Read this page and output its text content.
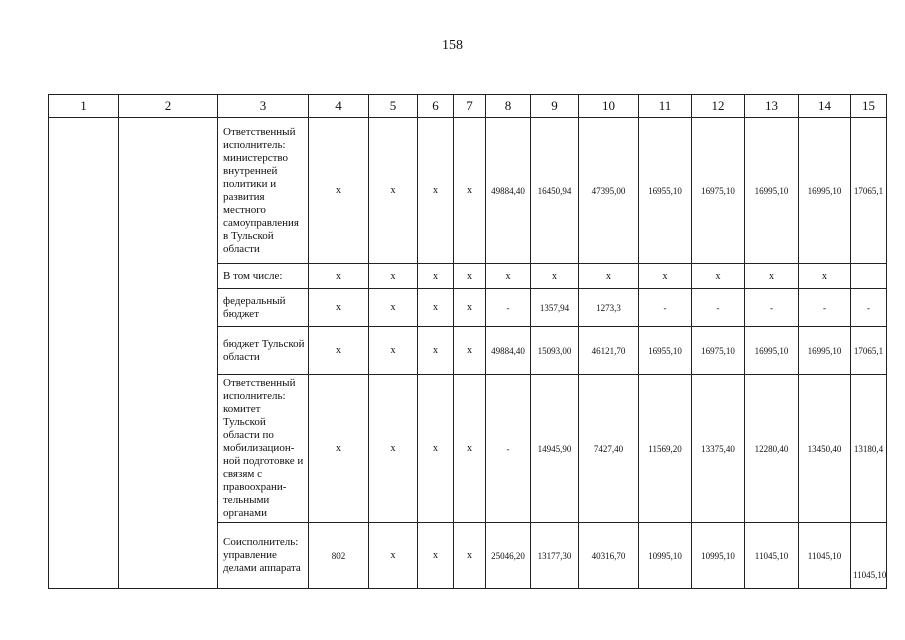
158
1	2	3	4	5	6	7	8	9	10	11	12	13	14	15
		Ответственный исполнитель: министерство внутренней политики и развития местного самоуправления в Тульской области	x	x	x	x	49884,40	16450,94	47395,00	16955,10	16975,10	16995,10	16995,10	17065,1
		В том числе:	x	x	x	x	x	x	x	x	x	x	x	
		федеральный бюджет	x	x	x	x	-	1357,94	1273,3	-	-	-	-	-
		бюджет Тульской области	x	x	x	x	49884,40	15093,00	46121,70	16955,10	16975,10	16995,10	16995,10	17065,1
		Ответственный исполнитель: комитет Тульской области по мобилизацион-ной подготовке и связям с правоохрани-тельными органами	x	x	x	x	-	14945,90	7427,40	11569,20	13375,40	12280,40	13450,40	13180,4
		Соисполнитель: управление делами аппарата	802	x	x	x	25046,20	13177,30	40316,70	10995,10	10995,10	11045,10	11045,10	11045,10
